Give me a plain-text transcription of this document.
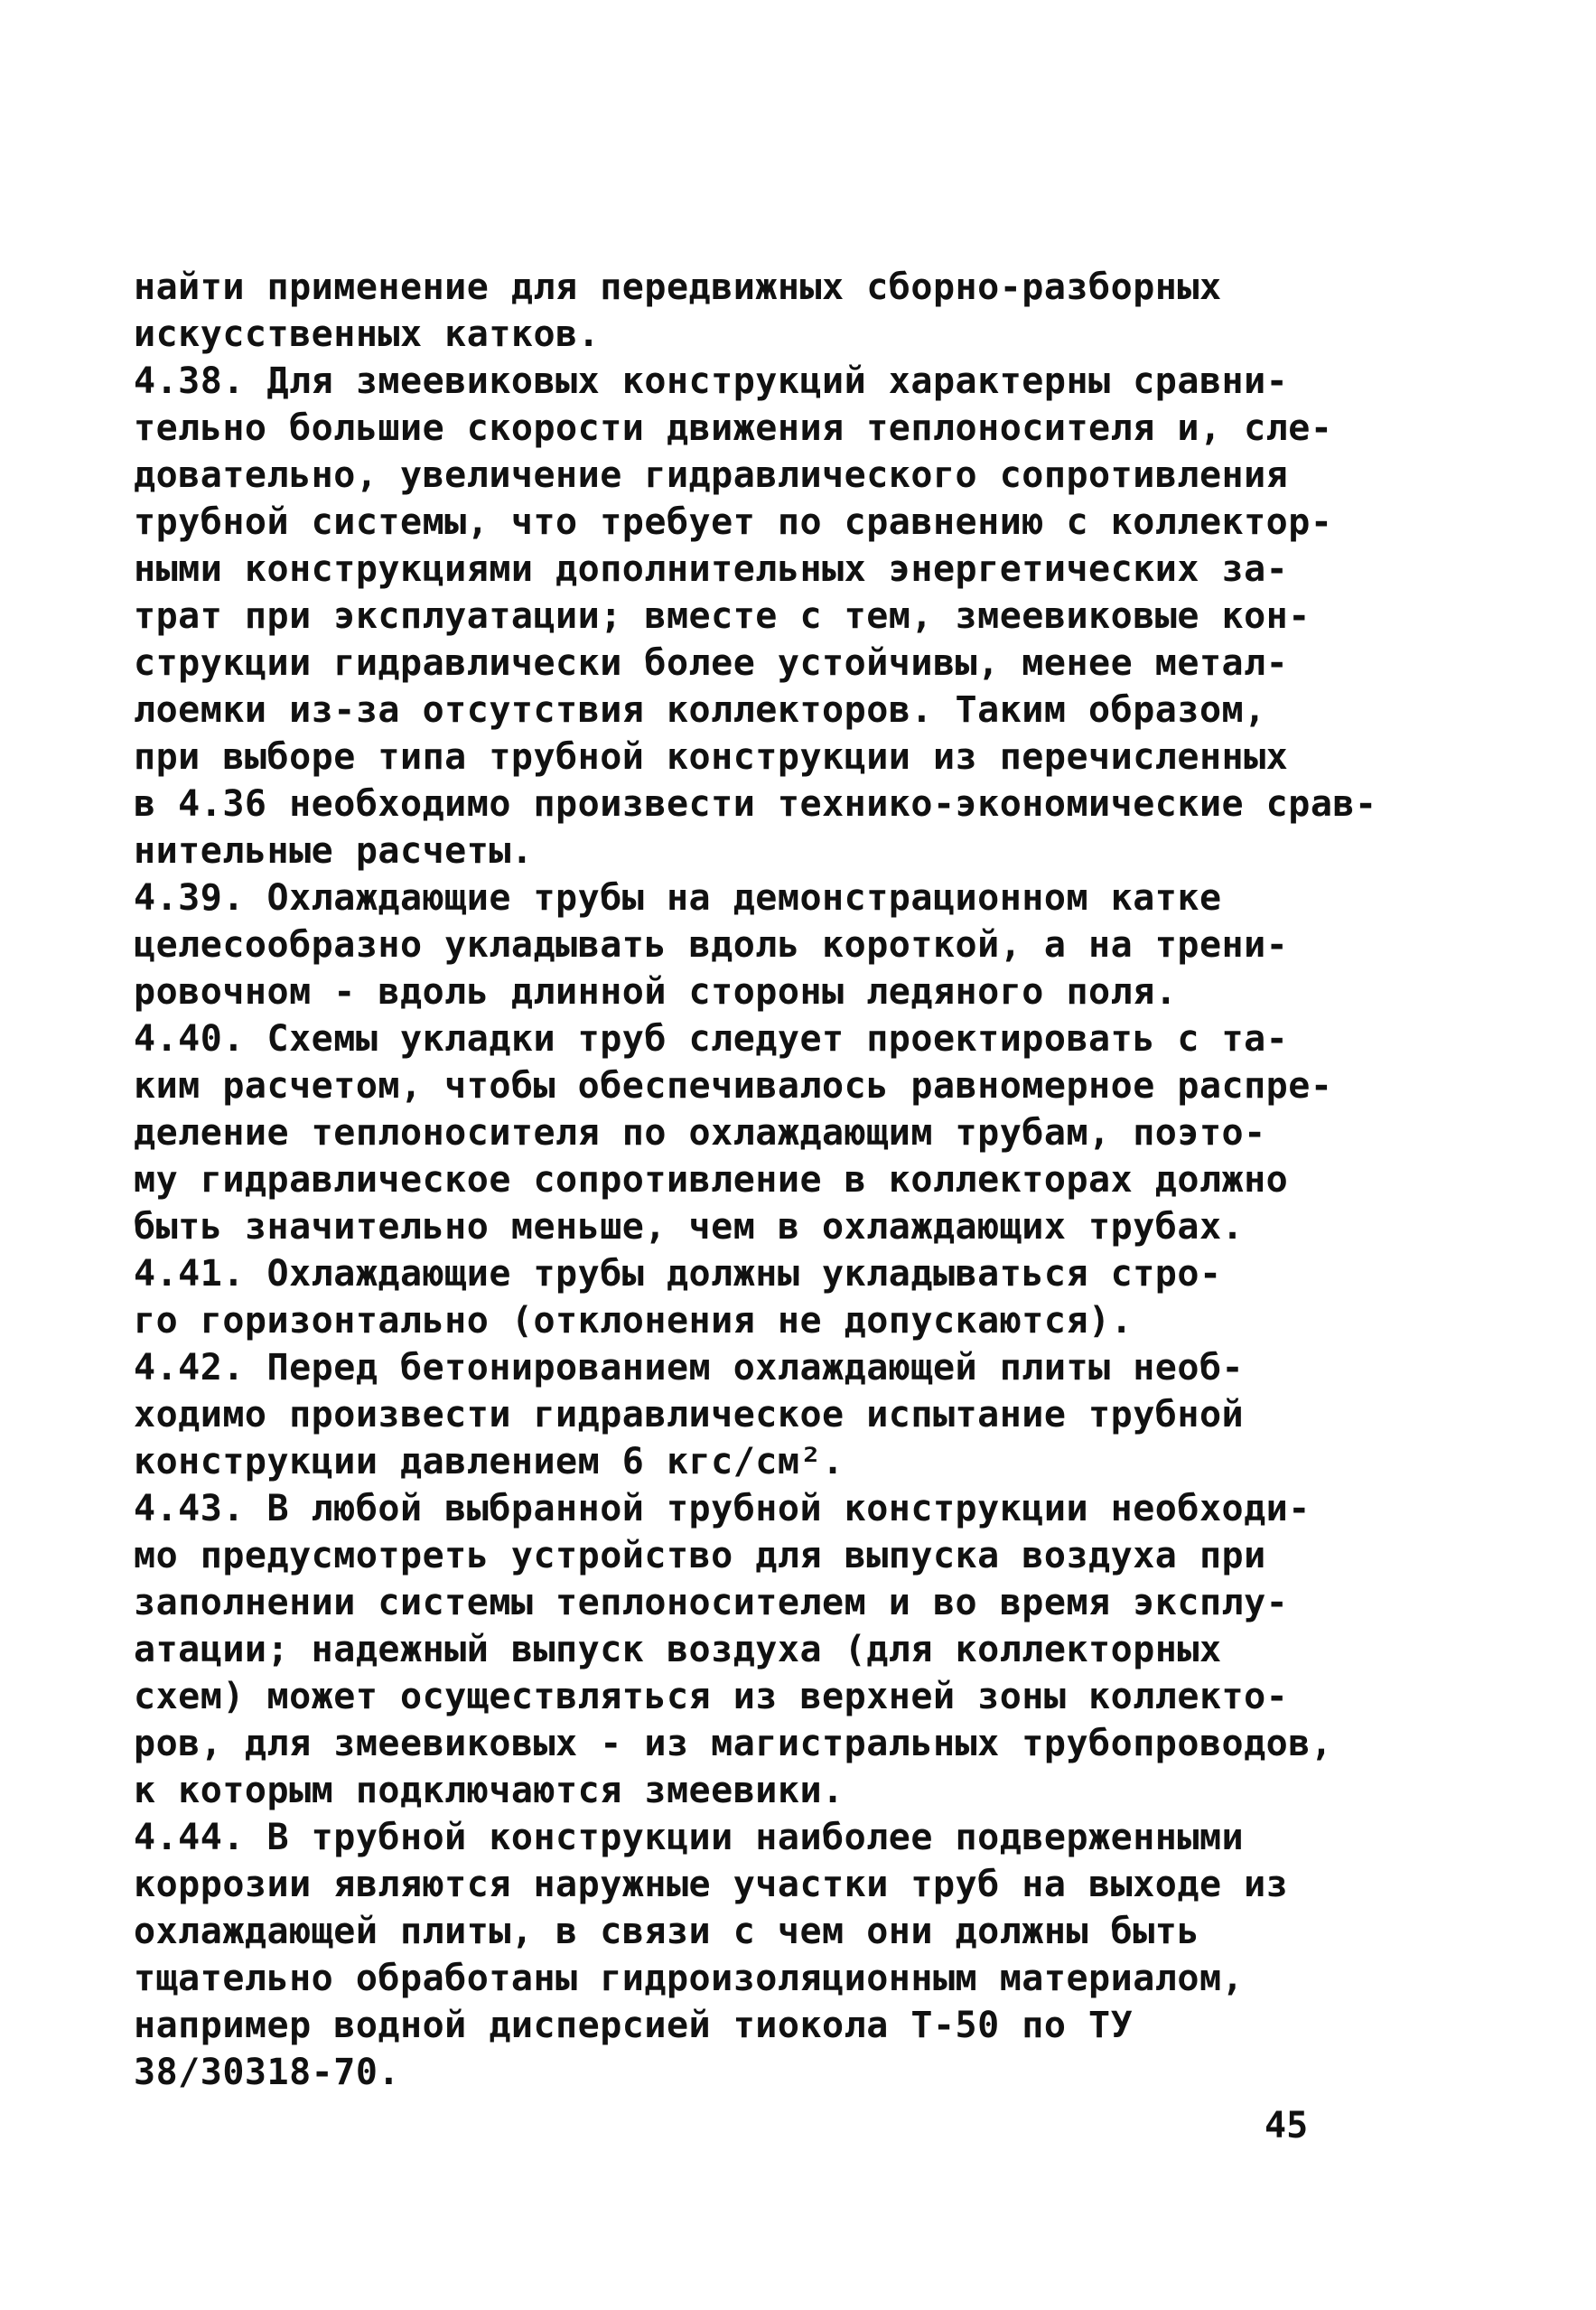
найти применение для передвижных сборно-разборных
искусственных катков.
4.38. Для змеевиковых конструкций характерны сравни-
тельно большие скорости движения теплоносителя и, сле-
довательно, увеличение гидравлического сопротивления
трубной системы, что требует по сравнению с коллектор-
ными конструкциями дополнительных энергетических за-
трат при эксплуатации; вместе с тем, змеевиковые кон-
струкции гидравлически более устойчивы, менее метал-
лоемки из-за отсутствия коллекторов. Таким образом,
при выборе типа трубной конструкции из перечисленных
в 4.36 необходимо произвести технико-экономические срав-
нительные расчеты.
4.39. Охлаждающие трубы на демонстрационном катке
целесообразно укладывать вдоль короткой, а на трени-
ровочном - вдоль длинной стороны ледяного поля.
4.40. Схемы укладки труб следует проектировать с та-
ким расчетом, чтобы обеспечивалось равномерное распре-
деление теплоносителя по охлаждающим трубам, поэто-
му гидравлическое сопротивление в коллекторах должно
быть значительно меньше, чем в охлаждающих трубах.
4.41. Охлаждающие трубы должны укладываться стро-
го горизонтально (отклонения не допускаются).
4.42. Перед бетонированием охлаждающей плиты необ-
ходимо произвести гидравлическое испытание трубной
конструкции давлением 6 кгс/см².
4.43. В любой выбранной трубной конструкции необходи-
мо предусмотреть устройство для выпуска воздуха при
заполнении системы теплоносителем и во время эксплу-
атации; надежный выпуск воздуха (для коллекторных
схем) может осуществляться из верхней зоны коллекто-
ров, для змеевиковых - из магистральных трубопроводов,
к которым подключаются змеевики.
4.44. В трубной конструкции наиболее подверженными
коррозии являются наружные участки труб на выходе из
охлаждающей плиты, в связи с чем они должны быть
тщательно обработаны гидроизоляционным материалом,
например водной дисперсией тиокола Т-50 по ТУ
38/30318-70.
45
